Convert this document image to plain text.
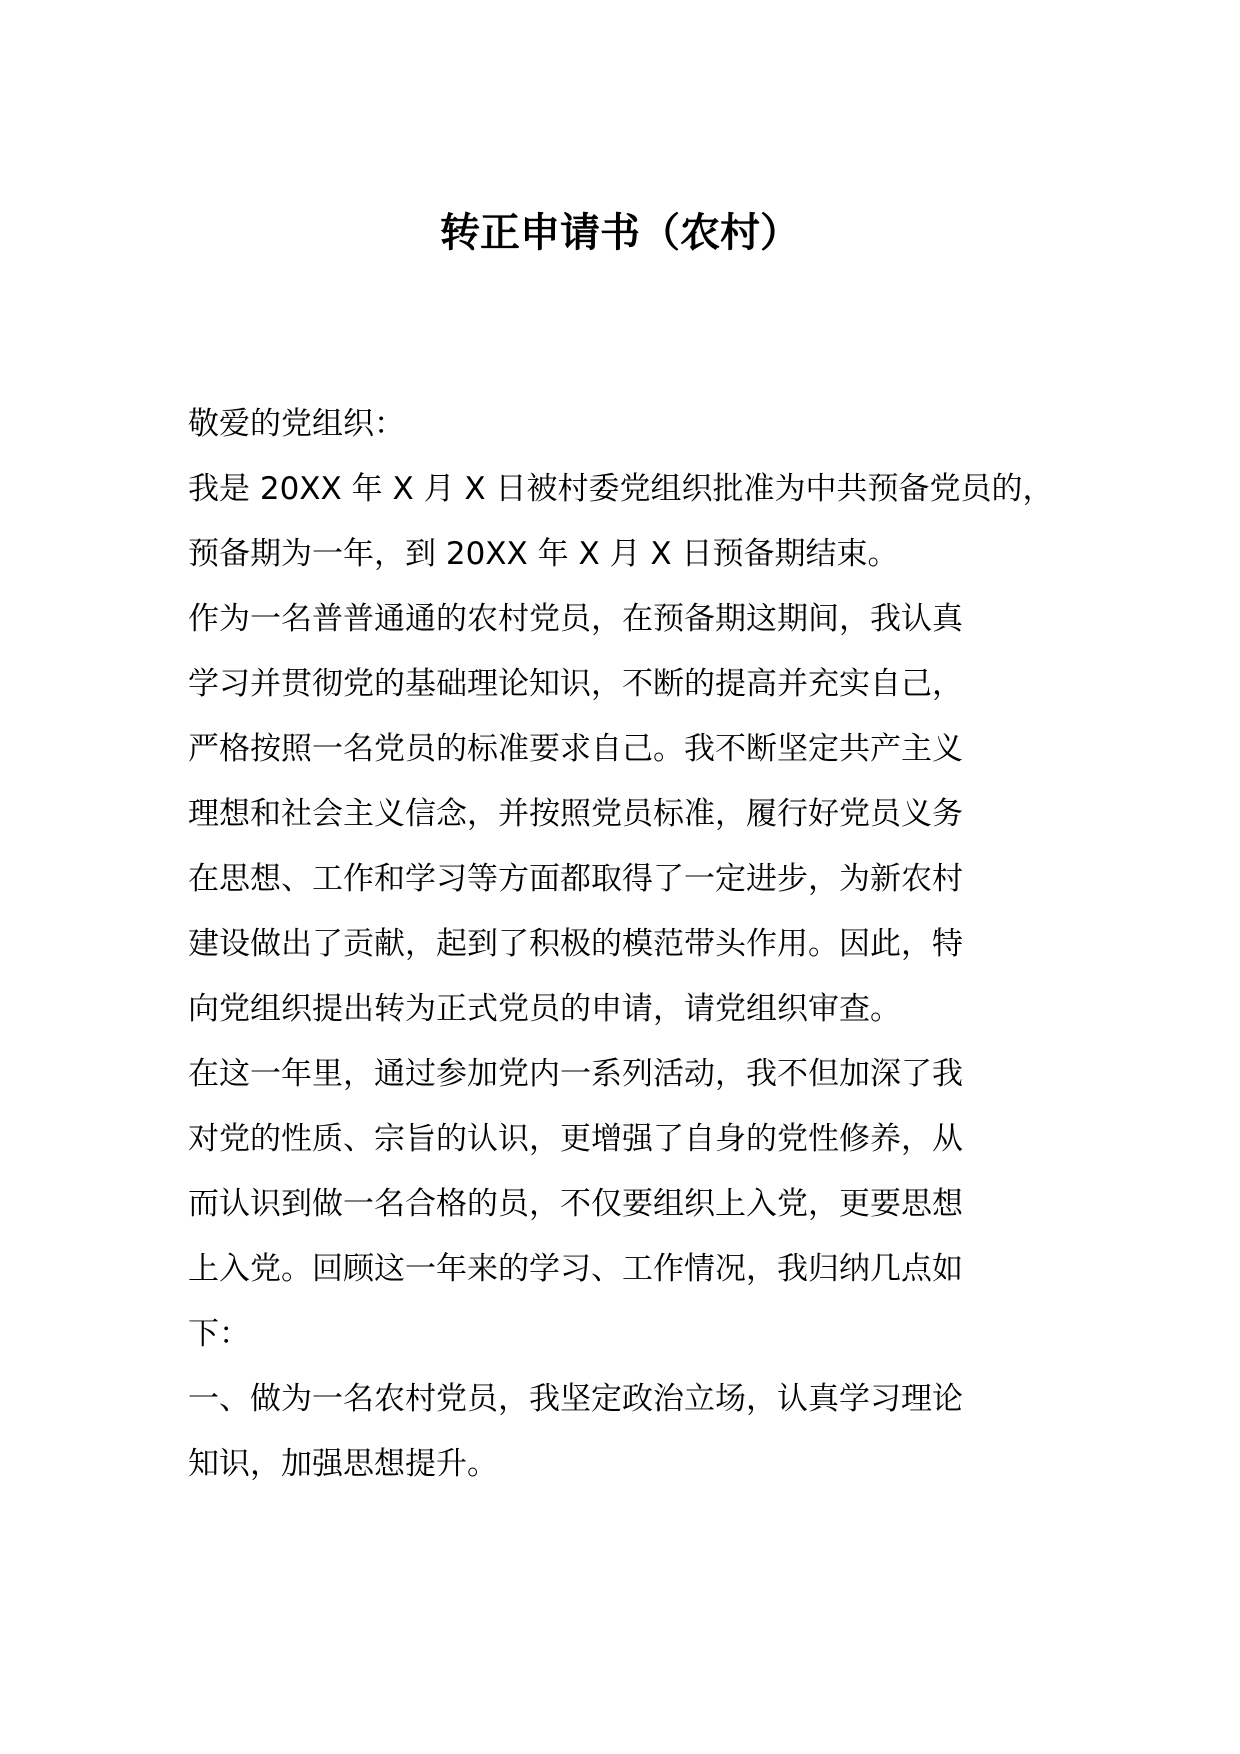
转正申请书（农村）
敬爱的党组织：
我是 20XX 年 X 月 X 日被村委党组织批准为中共预备党员的，
预备期为一年，到 20XX 年 X 月 X 日预备期结束。
作为一名普普通通的农村党员，在预备期这期间，我认真
学习并贯彻党的基础理论知识，不断的提高并充实自己，
严格按照一名党员的标准要求自己。我不断坚定共产主义
理想和社会主义信念，并按照党员标准，履行好党员义务
在思想、工作和学习等方面都取得了一定进步，为新农村
建设做出了贡献，起到了积极的模范带头作用。因此，特
向党组织提出转为正式党员的申请，请党组织审查。
在这一年里，通过参加党内一系列活动，我不但加深了我
对党的性质、宗旨的认识，更增强了自身的党性修养，从
而认识到做一名合格的员，不仅要组织上入党，更要思想
上入党。回顾这一年来的学习、工作情况，我归纳几点如
下：
一、做为一名农村党员，我坚定政治立场，认真学习理论
知识，加强思想提升。
